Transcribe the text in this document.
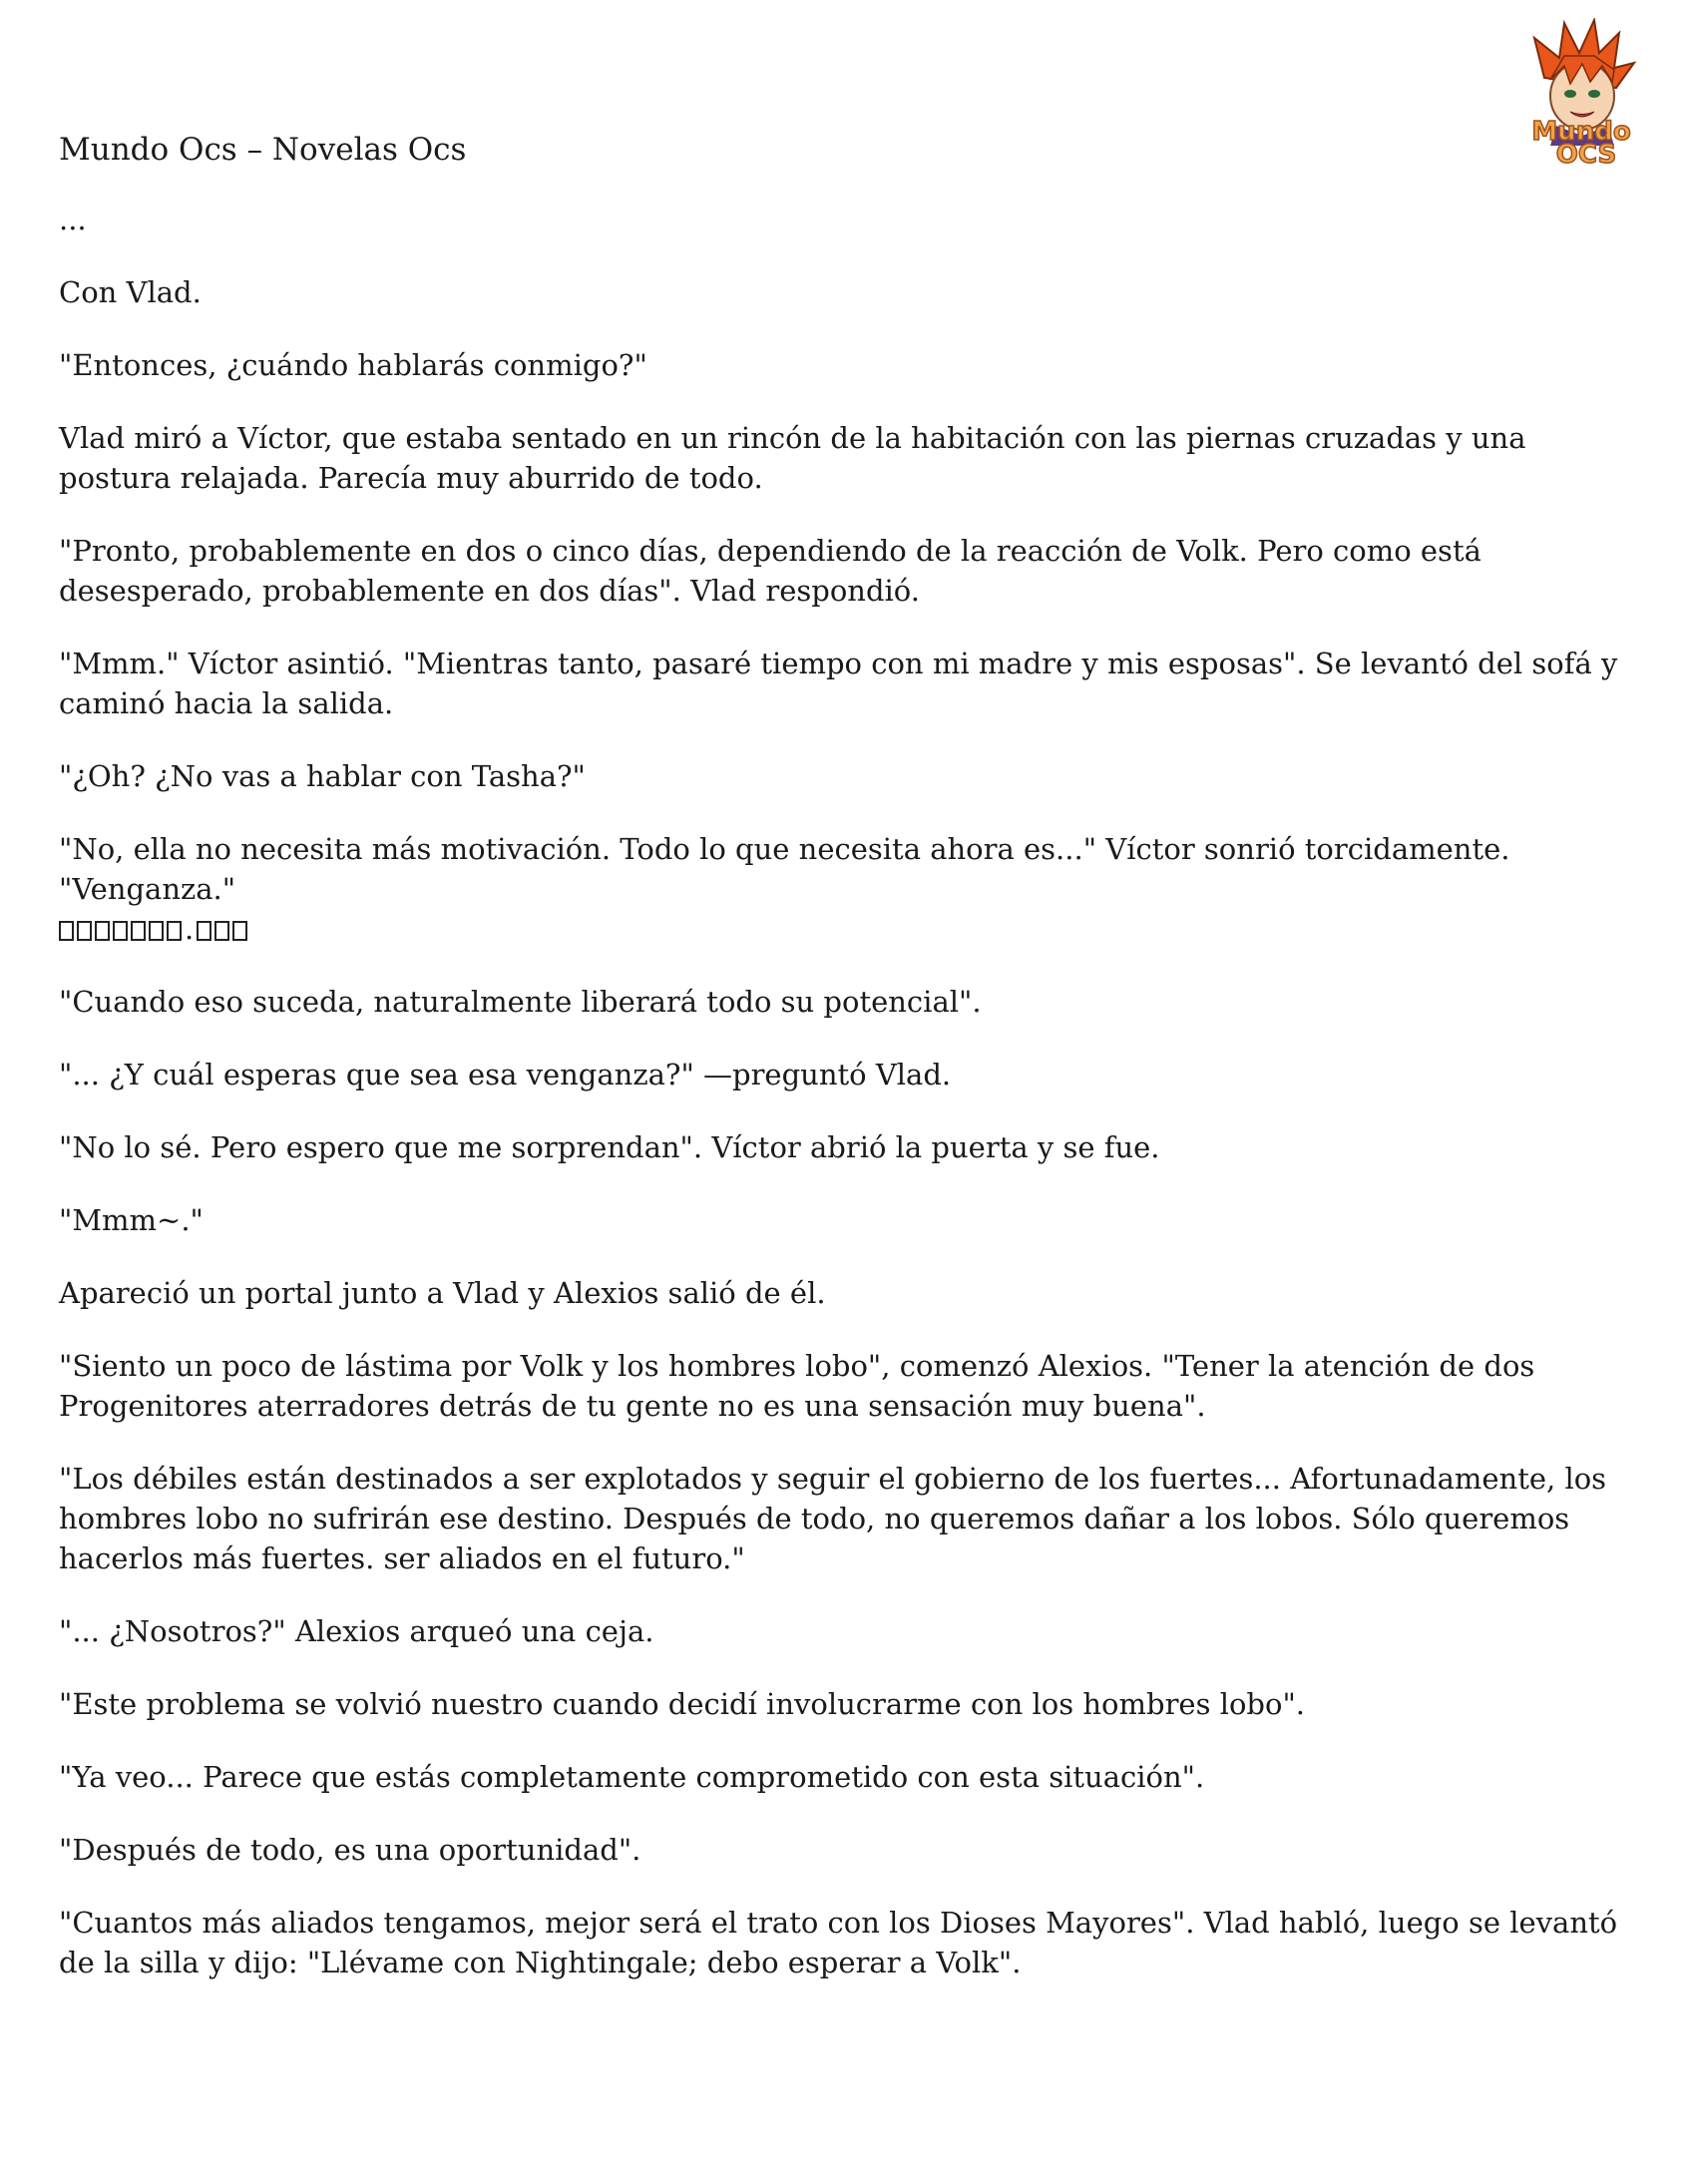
Mundo Ocs – Novelas Ocs	Mundo
OCS

...

Con Vlad.

"Entonces, ¿cuándo hablarás conmigo?"

Vlad miró a Víctor, que estaba sentado en un rincón de la habitación con las piernas cruzadas y una postura relajada. Parecía muy aburrido de todo.

"Pronto, probablemente en dos o cinco días, dependiendo de la reacción de Volk. Pero como está desesperado, probablemente en dos días". Vlad respondió.

"Mmm." Víctor asintió. "Mientras tanto, pasaré tiempo con mi madre y mis esposas". Se levantó del sofá y caminó hacia la salida.

"¿Oh? ¿No vas a hablar con Tasha?"

"No, ella no necesita más motivación. Todo lo que necesita ahora es..." Víctor sonrió torcidamente. "Venganza."
.

"Cuando eso suceda, naturalmente liberará todo su potencial".

"... ¿Y cuál esperas que sea esa venganza?" —preguntó Vlad.

"No lo sé. Pero espero que me sorprendan". Víctor abrió la puerta y se fue.

"Mmm~."

Apareció un portal junto a Vlad y Alexios salió de él.

"Siento un poco de lástima por Volk y los hombres lobo", comenzó Alexios. "Tener la atención de dos Progenitores aterradores detrás de tu gente no es una sensación muy buena".

"Los débiles están destinados a ser explotados y seguir el gobierno de los fuertes... Afortunadamente, los hombres lobo no sufrirán ese destino. Después de todo, no queremos dañar a los lobos. Sólo queremos hacerlos más fuertes. ser aliados en el futuro."

"... ¿Nosotros?" Alexios arqueó una ceja.

"Este problema se volvió nuestro cuando decidí involucrarme con los hombres lobo".

"Ya veo... Parece que estás completamente comprometido con esta situación".

"Después de todo, es una oportunidad".

"Cuantos más aliados tengamos, mejor será el trato con los Dioses Mayores". Vlad habló, luego se levantó de la silla y dijo: "Llévame con Nightingale; debo esperar a Volk".
